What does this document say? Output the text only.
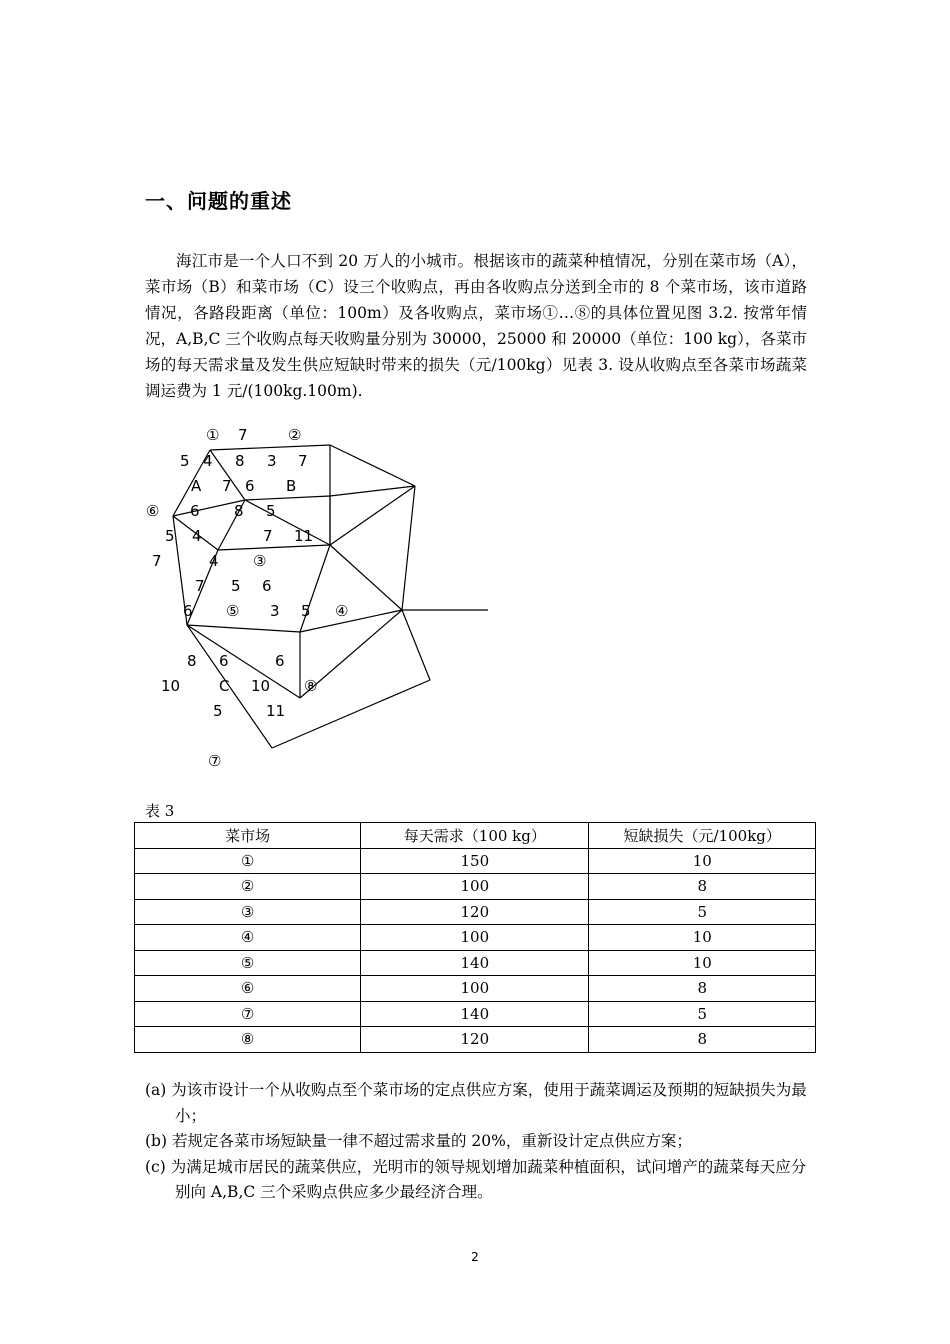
一、问题的重述

海江市是一个人口不到 20 万人的小城市。根据该市的蔬菜种植情况，分别在菜市场（A），菜市场（B）和菜市场（C）设三个收购点，再由各收购点分送到全市的 8 个菜市场，该市道路情况，各路段距离（单位：100m）及各收购点，菜市场①…⑧的具体位置见图 3.2. 按常年情况，A,B,C 三个收购点每天收购量分别为 30000，25000 和 20000（单位：100 kg），各菜市场的每天需求量及发生供应短缺时带来的损失（元/100kg）见表 3. 设从收购点至各菜市场蔬菜调运费为 1 元/(100kg.100m).

① 7	②
5 4 8 3 7
A 7 6 B
⑥ 6 8 5
5 4	7 11
7	4 ③
7 5 6
6 ⑤ 3 5 ④
8 6	6
10	C 10 ⑧
5	11
⑦
表 3
菜市场	每天需求（100 kg）	短缺损失（元/100kg）
①	150	10
②	100	8
③	120	5
④	100	10
⑤	140	10
⑥	100	8
⑦	140	5
⑧	120	8
(a) 为该市设计一个从收购点至个菜市场的定点供应方案，使用于蔬菜调运及预期的短缺损失为最小；
(b) 若规定各菜市场短缺量一律不超过需求量的 20%，重新设计定点供应方案；
(c) 为满足城市居民的蔬菜供应，光明市的领导规划增加蔬菜种植面积，试问增产的蔬菜每天应分别向 A,B,C 三个采购点供应多少最经济合理。
2
